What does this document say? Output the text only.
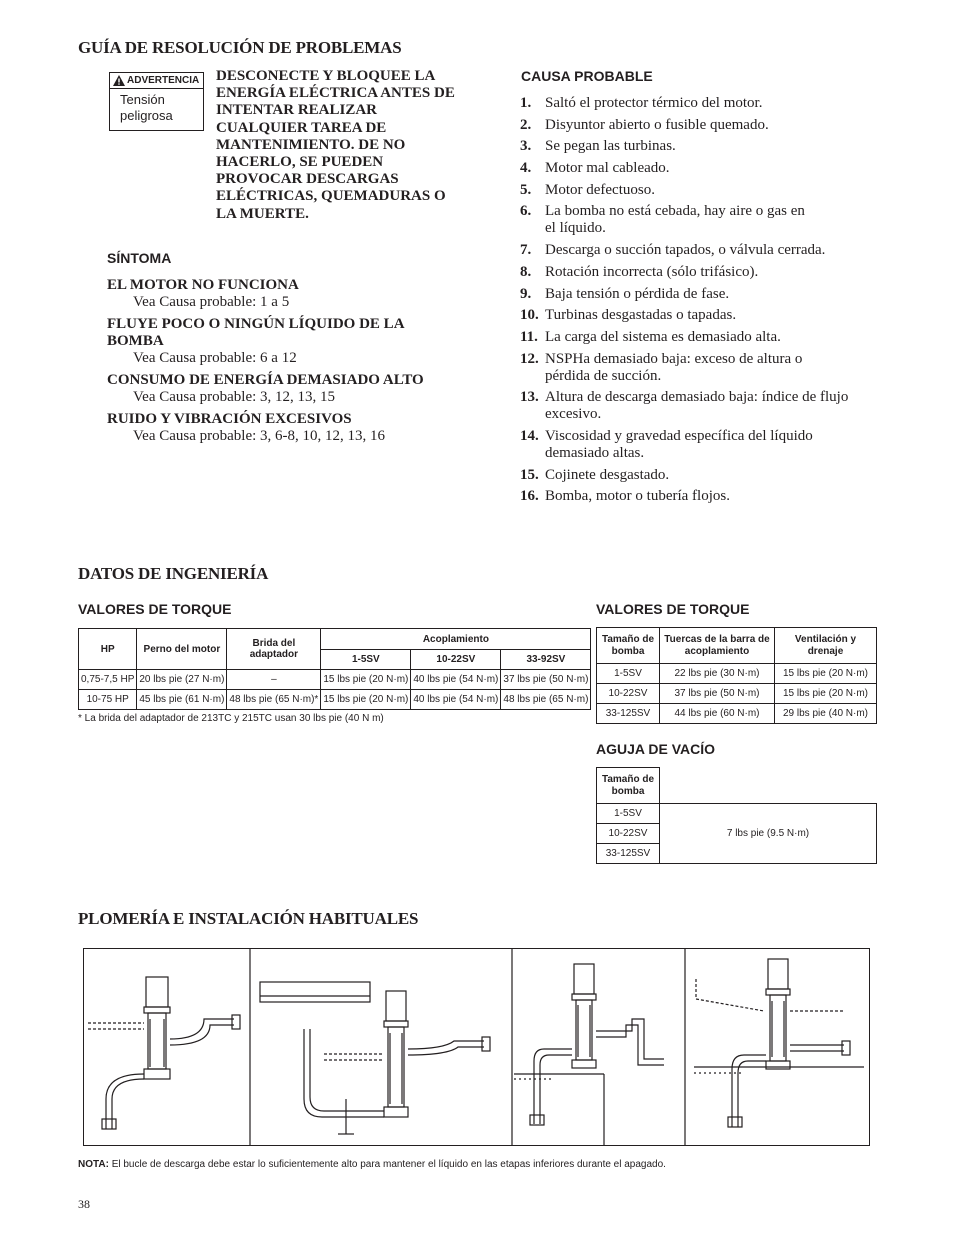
GUÍA DE RESOLUCIÓN DE PROBLEMAS
ADVERTENCIA
Tensión peligrosa
DESCONECTE Y BLOQUEE LA ENERGÍA ELÉCTRICA ANTES DE INTENTAR REALIZAR CUALQUIER TAREA DE MANTENIMIENTO. DE NO HACERLO, SE PUEDEN PROVOCAR DESCARGAS ELÉCTRICAS, QUEMADURAS O LA MUERTE.
SÍNTOMA
EL MOTOR NO FUNCIONA
Vea Causa probable: 1 a 5
FLUYE POCO O NINGÚN LÍQUIDO DE LA BOMBA
Vea Causa probable: 6 a 12
CONSUMO DE ENERGÍA DEMASIADO ALTO
Vea Causa probable: 3, 12, 13, 15
RUIDO Y VIBRACIÓN EXCESIVOS
Vea Causa probable: 3, 6-8, 10, 12, 13, 16
CAUSA PROBABLE
1. Saltó el protector térmico del motor.
2. Disyuntor abierto o fusible quemado.
3. Se pegan las turbinas.
4. Motor mal cableado.
5. Motor defectuoso.
6. La bomba no está cebada, hay aire o gas en el líquido.
7. Descarga o succión tapados, o válvula cerrada.
8. Rotación incorrecta (sólo trifásico).
9. Baja tensión o pérdida de fase.
10. Turbinas desgastadas o tapadas.
11. La carga del sistema es demasiado alta.
12. NSPHa demasiado baja: exceso de altura o pérdida de succión.
13. Altura de descarga demasiado baja: índice de flujo excesivo.
14. Viscosidad y gravedad específica del líquido demasiado altas.
15. Cojinete desgastado.
16. Bomba, motor o tubería flojos.
DATOS DE INGENIERÍA
VALORES DE TORQUE
HP	Perno del motor	Brida del adaptador	Acoplamiento		
			1-5SV	10-22SV	33-92SV
0,75-7,5 HP	20 lbs pie (27 N·m)	–	15 lbs pie (20 N·m)	40 lbs pie (54 N·m)	37 lbs pie (50 N·m)
10-75 HP	45 lbs pie (61 N·m)	48 lbs pie (65 N·m)*	15 lbs pie (20 N·m)	40 lbs pie (54 N·m)	48 lbs pie (65 N·m)
* La brida del adaptador de 213TC y 215TC usan 30 lbs pie (40 N m)
VALORES DE TORQUE
Tamaño de bomba	Tuercas de la barra de acoplamiento	Ventilación y drenaje
1-5SV	22 lbs pie (30 N·m)	15 lbs pie (20 N·m)
10-22SV	37 lbs pie (50 N·m)	15 lbs pie (20 N·m)
33-125SV	44 lbs pie (60 N·m)	29 lbs pie (40 N·m)
AGUJA DE VACÍO
Tamaño de bomba	
1-5SV	7 lbs pie (9.5 N·m)
10-22SV	
33-125SV	
PLOMERÍA E INSTALACIÓN HABITUALES
NOTA: El bucle de descarga debe estar lo suficientemente alto para mantener el líquido en las etapas inferiores durante el apagado.
38
